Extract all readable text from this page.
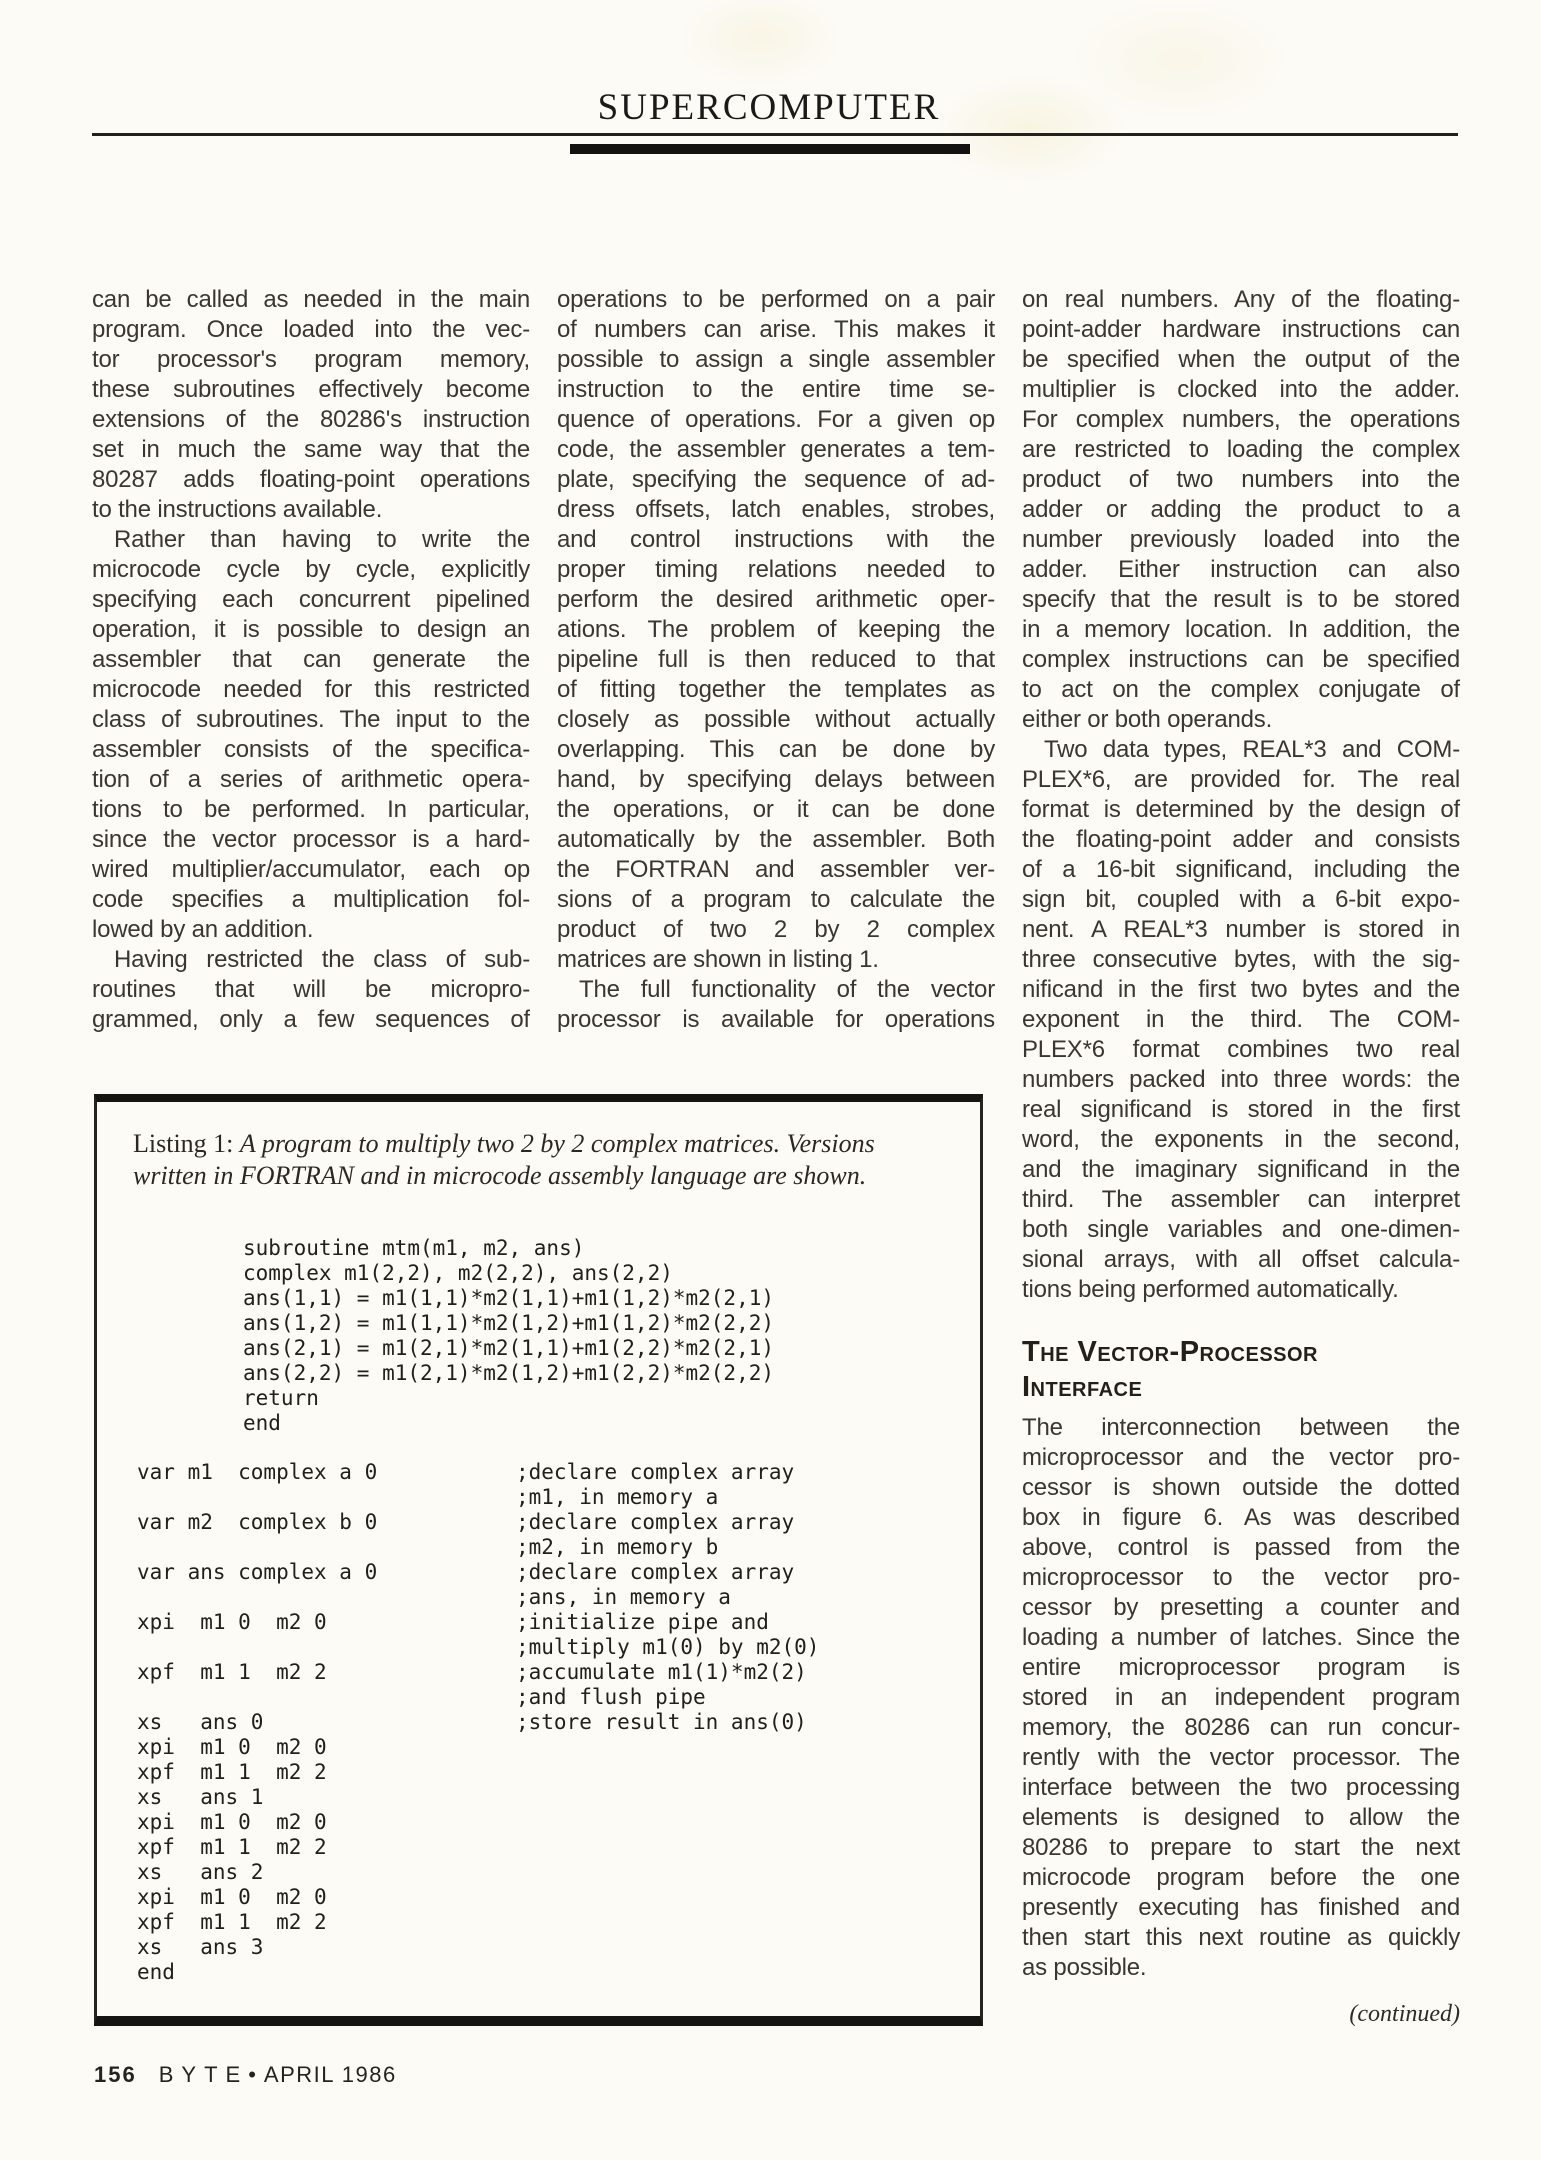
SUPERCOMPUTER
can be called as needed in the main
program. Once loaded into the vec-
tor processor's program memory,
these subroutines effectively become
extensions of the 80286's instruction
set in much the same way that the
80287 adds floating-point operations
to the instructions available.
Rather than having to write the
microcode cycle by cycle, explicitly
specifying each concurrent pipelined
operation, it is possible to design an
assembler that can generate the
microcode needed for this restricted
class of subroutines. The input to the
assembler consists of the specifica-
tion of a series of arithmetic opera-
tions to be performed. In particular,
since the vector processor is a hard-
wired multiplier/accumulator, each op
code specifies a multiplication fol-
lowed by an addition.
Having restricted the class of sub-
routines that will be micropro-
grammed, only a few sequences of
operations to be performed on a pair
of numbers can arise. This makes it
possible to assign a single assembler
instruction to the entire time se-
quence of operations. For a given op
code, the assembler generates a tem-
plate, specifying the sequence of ad-
dress offsets, latch enables, strobes,
and control instructions with the
proper timing relations needed to
perform the desired arithmetic oper-
ations. The problem of keeping the
pipeline full is then reduced to that
of fitting together the templates as
closely as possible without actually
overlapping. This can be done by
hand, by specifying delays between
the operations, or it can be done
automatically by the assembler. Both
the FORTRAN and assembler ver-
sions of a program to calculate the
product of two 2 by 2 complex
matrices are shown in listing 1.
The full functionality of the vector
processor is available for operations
on real numbers. Any of the floating-
point-adder hardware instructions can
be specified when the output of the
multiplier is clocked into the adder.
For complex numbers, the operations
are restricted to loading the complex
product of two numbers into the
adder or adding the product to a
number previously loaded into the
adder. Either instruction can also
specify that the result is to be stored
in a memory location. In addition, the
complex instructions can be specified
to act on the complex conjugate of
either or both operands.
Two data types, REAL*3 and COM-
PLEX*6, are provided for. The real
format is determined by the design of
the floating-point adder and consists
of a 16-bit significand, including the
sign bit, coupled with a 6-bit expo-
nent. A REAL*3 number is stored in
three consecutive bytes, with the sig-
nificand in the first two bytes and the
exponent in the third. The COM-
PLEX*6 format combines two real
numbers packed into three words: the
real significand is stored in the first
word, the exponents in the second,
and the imaginary significand in the
third. The assembler can interpret
both single variables and one-dimen-
sional arrays, with all offset calcula-
tions being performed automatically.
The Vector-Processor
Interface
The interconnection between the
microprocessor and the vector pro-
cessor is shown outside the dotted
box in figure 6. As was described
above, control is passed from the
microprocessor to the vector pro-
cessor by presetting a counter and
loading a number of latches. Since the
entire microprocessor program is
stored in an independent program
memory, the 80286 can run concur-
rently with the vector processor. The
interface between the two processing
elements is designed to allow the
80286 to prepare to start the next
microcode program before the one
presently executing has finished and
then start this next routine as quickly
as possible.
(continued)
Listing 1: A program to multiply two 2 by 2 complex matrices. Versions
written in FORTRAN and in microcode assembly language are shown.
subroutine mtm(m1, m2, ans)
complex m1(2,2), m2(2,2), ans(2,2)
ans(1,1) = m1(1,1)*m2(1,1)+m1(1,2)*m2(2,1)
ans(1,2) = m1(1,1)*m2(1,2)+m1(1,2)*m2(2,2)
ans(2,1) = m1(2,1)*m2(1,1)+m1(2,2)*m2(2,1)
ans(2,2) = m1(2,1)*m2(1,2)+m1(2,2)*m2(2,2)
return
end
var m1  complex a 0	;declare complex array
;m1, in memory a
var m2  complex b 0	;declare complex array
;m2, in memory b
var ans complex a 0	;declare complex array
;ans, in memory a
xpi  m1 0  m2 0	;initialize pipe and
;multiply m1(0) by m2(0)
xpf  m1 1  m2 2	;accumulate m1(1)*m2(2)
;and flush pipe
xs   ans 0	;store result in ans(0)
xpi  m1 0  m2 0
xpf  m1 1  m2 2
xs   ans 1
xpi  m1 0  m2 0
xpf  m1 1  m2 2
xs   ans 2
xpi  m1 0  m2 0
xpf  m1 1  m2 2
xs   ans 3
end
156 BYTE• APRIL 1986
